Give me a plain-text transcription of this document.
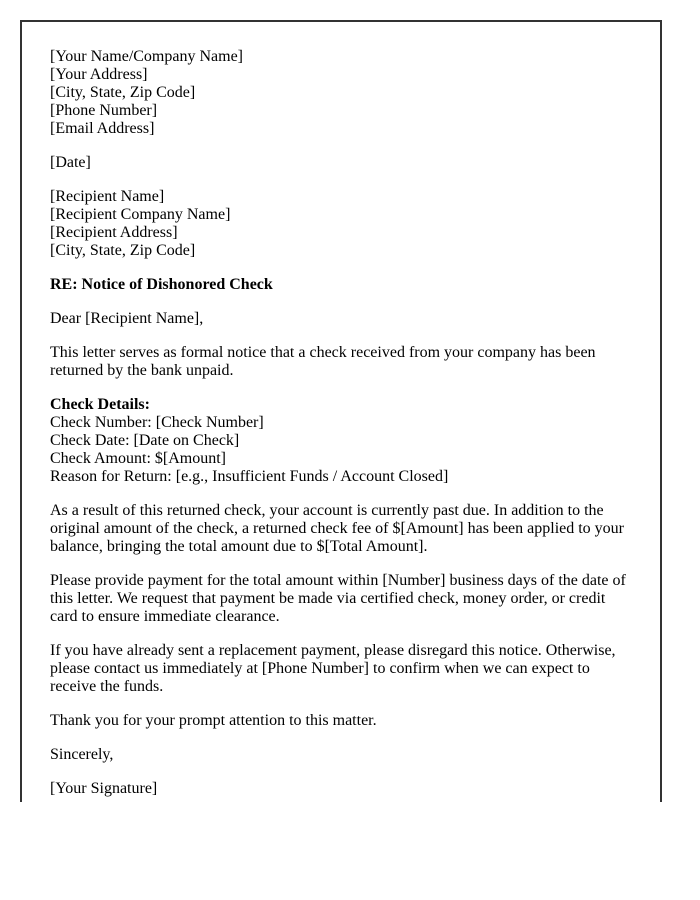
[Your Name/Company Name]
[Your Address]
[City, State, Zip Code]
[Phone Number]
[Email Address]
[Date]
[Recipient Name]
[Recipient Company Name]
[Recipient Address]
[City, State, Zip Code]
RE: Notice of Dishonored Check
Dear [Recipient Name],
This letter serves as formal notice that a check received from your company has been returned by the bank unpaid.
Check Details:
Check Number: [Check Number]
Check Date: [Date on Check]
Check Amount: $[Amount]
Reason for Return: [e.g., Insufficient Funds / Account Closed]
As a result of this returned check, your account is currently past due. In addition to the original amount of the check, a returned check fee of $[Amount] has been applied to your balance, bringing the total amount due to $[Total Amount].
Please provide payment for the total amount within [Number] business days of the date of this letter. We request that payment be made via certified check, money order, or credit card to ensure immediate clearance.
If you have already sent a replacement payment, please disregard this notice. Otherwise, please contact us immediately at [Phone Number] to confirm when we can expect to receive the funds.
Thank you for your prompt attention to this matter.
Sincerely,
[Your Signature]
